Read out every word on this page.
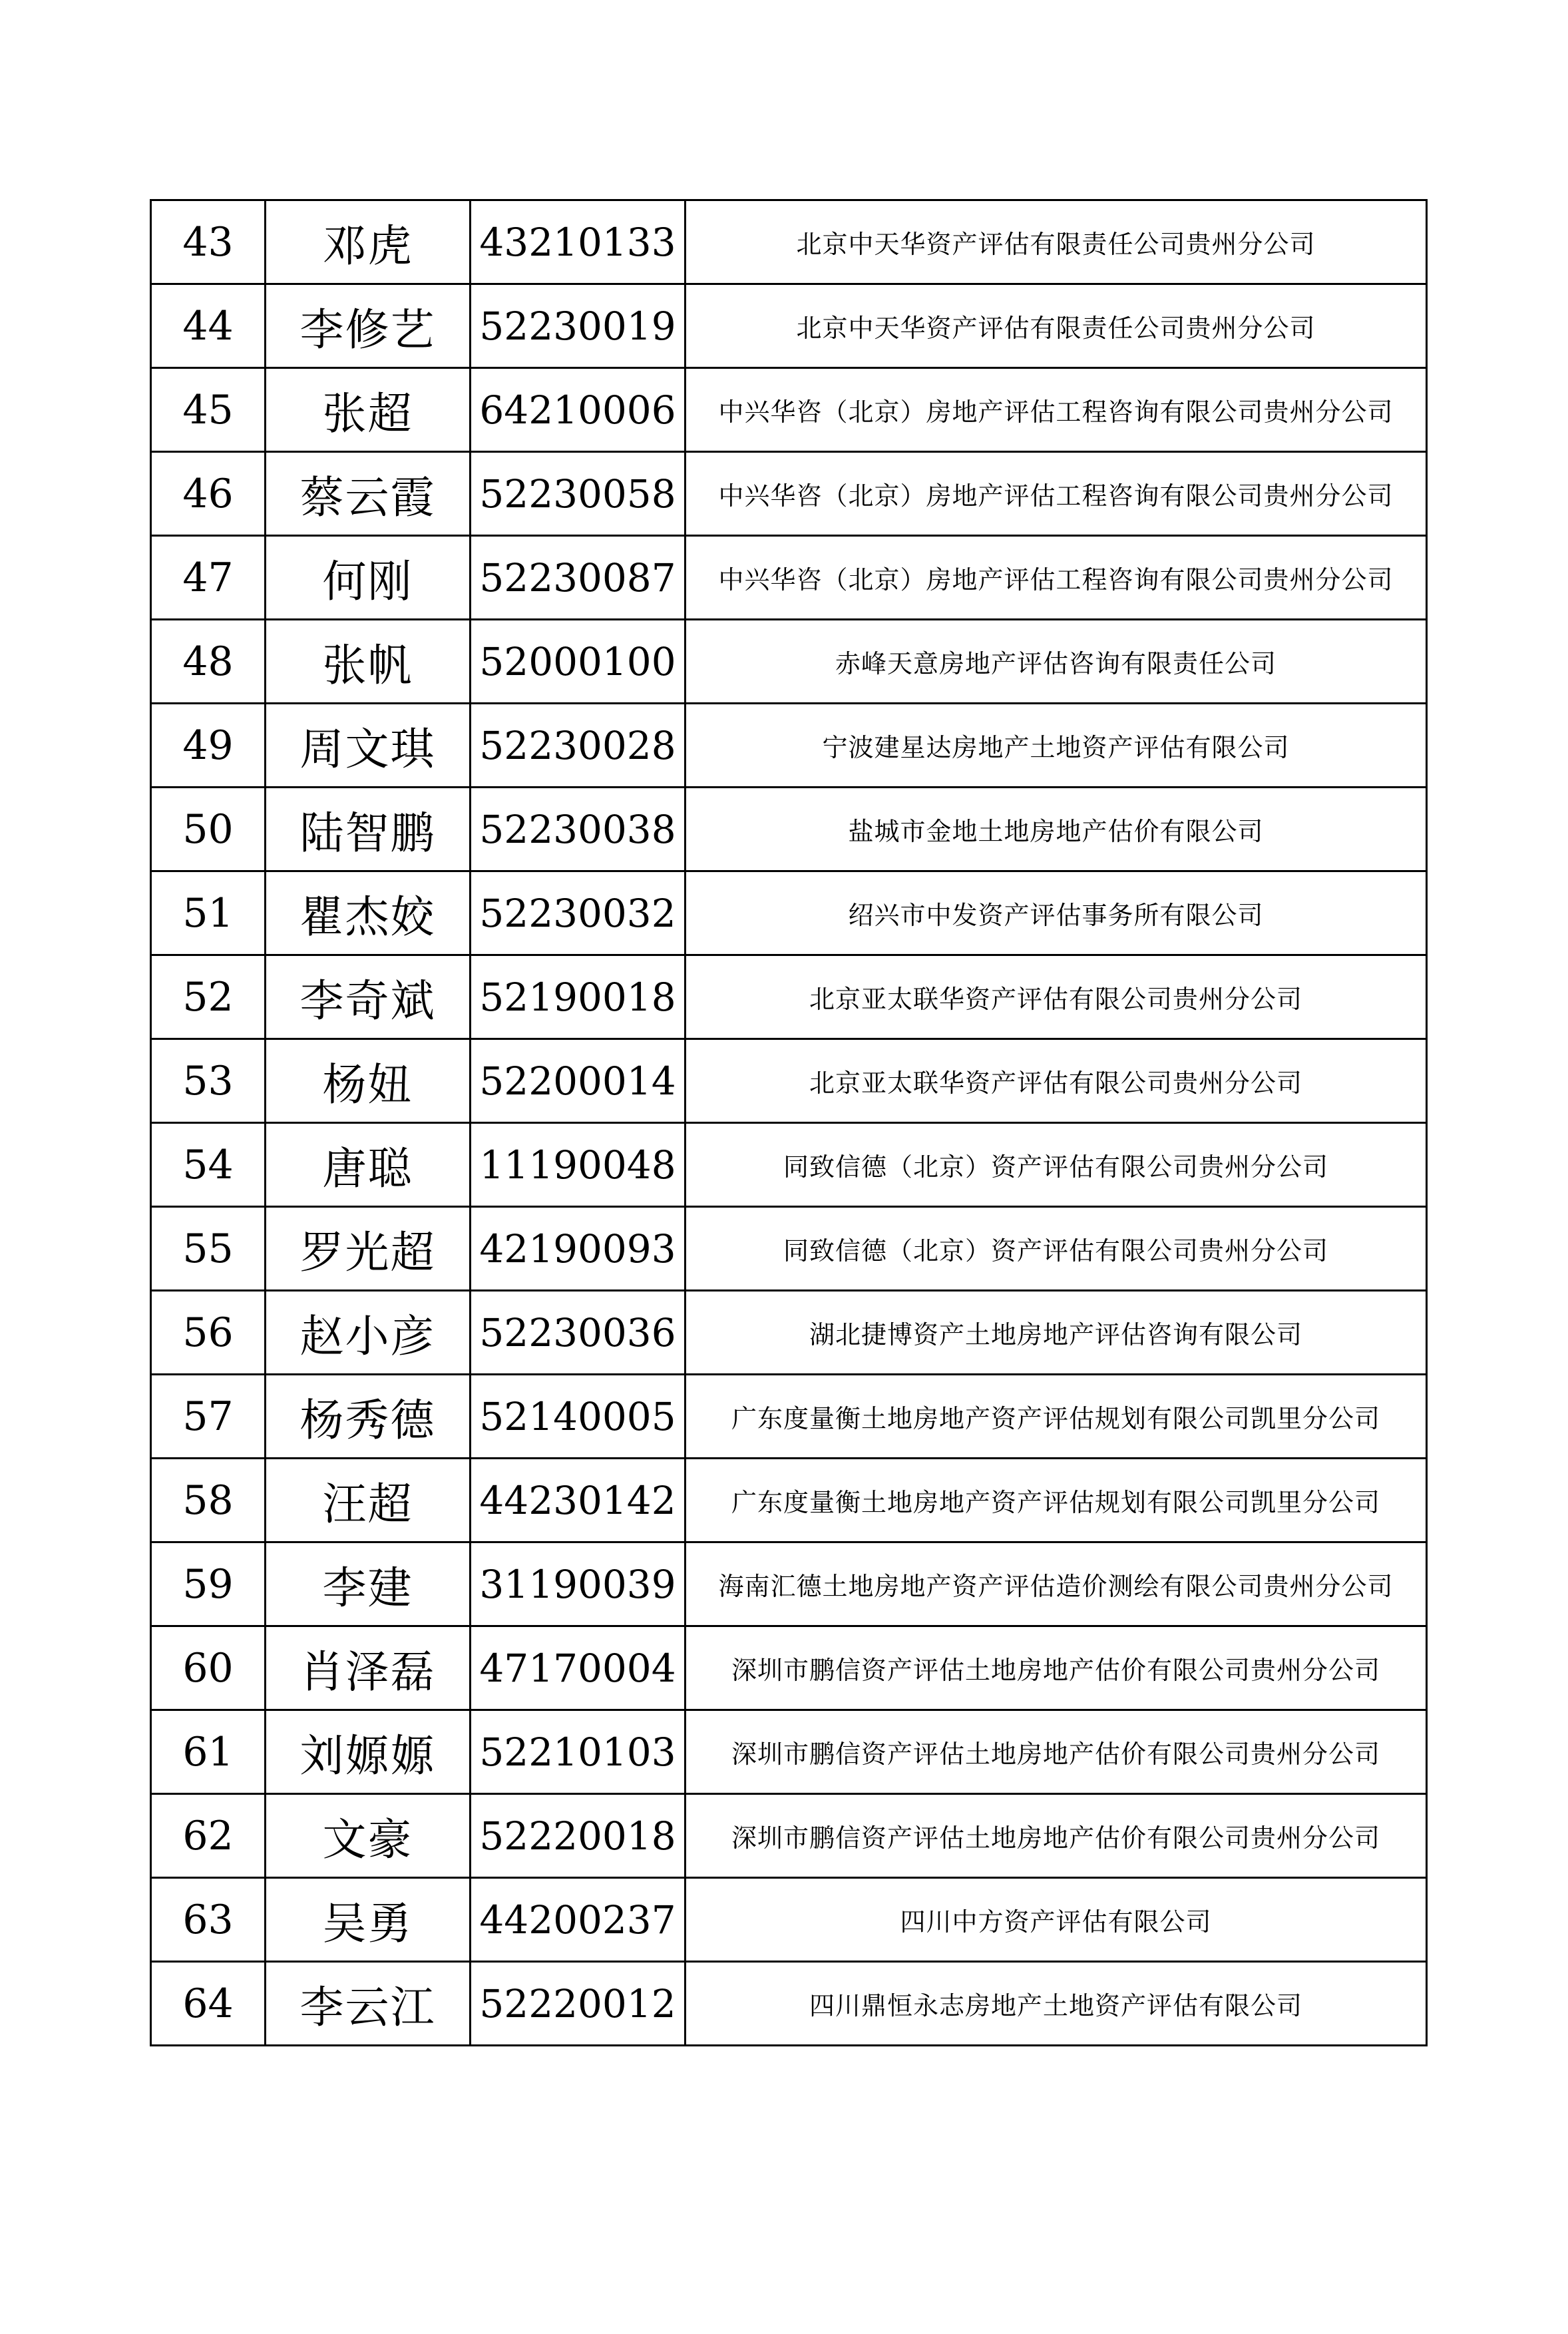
43	邓虎	43210133	北京中天华资产评估有限责任公司贵州分公司
44	李修艺	52230019	北京中天华资产评估有限责任公司贵州分公司
45	张超	64210006	中兴华咨（北京）房地产评估工程咨询有限公司贵州分公司
46	蔡云霞	52230058	中兴华咨（北京）房地产评估工程咨询有限公司贵州分公司
47	何刚	52230087	中兴华咨（北京）房地产评估工程咨询有限公司贵州分公司
48	张帆	52000100	赤峰天意房地产评估咨询有限责任公司
49	周文琪	52230028	宁波建星达房地产土地资产评估有限公司
50	陆智鹏	52230038	盐城市金地土地房地产估价有限公司
51	瞿杰姣	52230032	绍兴市中发资产评估事务所有限公司
52	李奇斌	52190018	北京亚太联华资产评估有限公司贵州分公司
53	杨妞	52200014	北京亚太联华资产评估有限公司贵州分公司
54	唐聪	11190048	同致信德（北京）资产评估有限公司贵州分公司
55	罗光超	42190093	同致信德（北京）资产评估有限公司贵州分公司
56	赵小彦	52230036	湖北捷博资产土地房地产评估咨询有限公司
57	杨秀德	52140005	广东度量衡土地房地产资产评估规划有限公司凯里分公司
58	汪超	44230142	广东度量衡土地房地产资产评估规划有限公司凯里分公司
59	李建	31190039	海南汇德土地房地产资产评估造价测绘有限公司贵州分公司
60	肖泽磊	47170004	深圳市鹏信资产评估土地房地产估价有限公司贵州分公司
61	刘嫄嫄	52210103	深圳市鹏信资产评估土地房地产估价有限公司贵州分公司
62	文豪	52220018	深圳市鹏信资产评估土地房地产估价有限公司贵州分公司
63	吴勇	44200237	四川中方资产评估有限公司
64	李云江	52220012	四川鼎恒永志房地产土地资产评估有限公司
